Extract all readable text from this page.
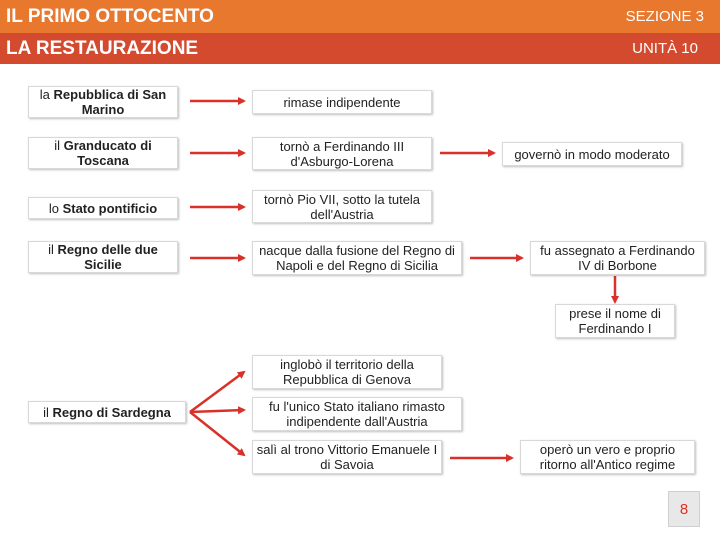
IL PRIMO OTTOCENTO
LA RESTAURAZIONE
SEZIONE 3
UNITÀ 10
la Repubblica di San Marino
il Granducato di Toscana
lo Stato pontificio
il Regno delle due Sicilie
il Regno di Sardegna
rimase indipendente
tornò a Ferdinando III d'Asburgo-Lorena	governò in modo moderato
tornò Pio VII, sotto la tutela dell'Austria
nacque dalla fusione del Regno di Napoli e del Regno di Sicilia
fu assegnato a Ferdinando IV di Borbone
prese il nome di Ferdinando I
inglobò il territorio della Repubblica di Genova
fu l'unico Stato italiano rimasto indipendente dall'Austria
salì al trono Vittorio Emanuele I di Savoia
operò un vero e proprio ritorno all'Antico regime
8
